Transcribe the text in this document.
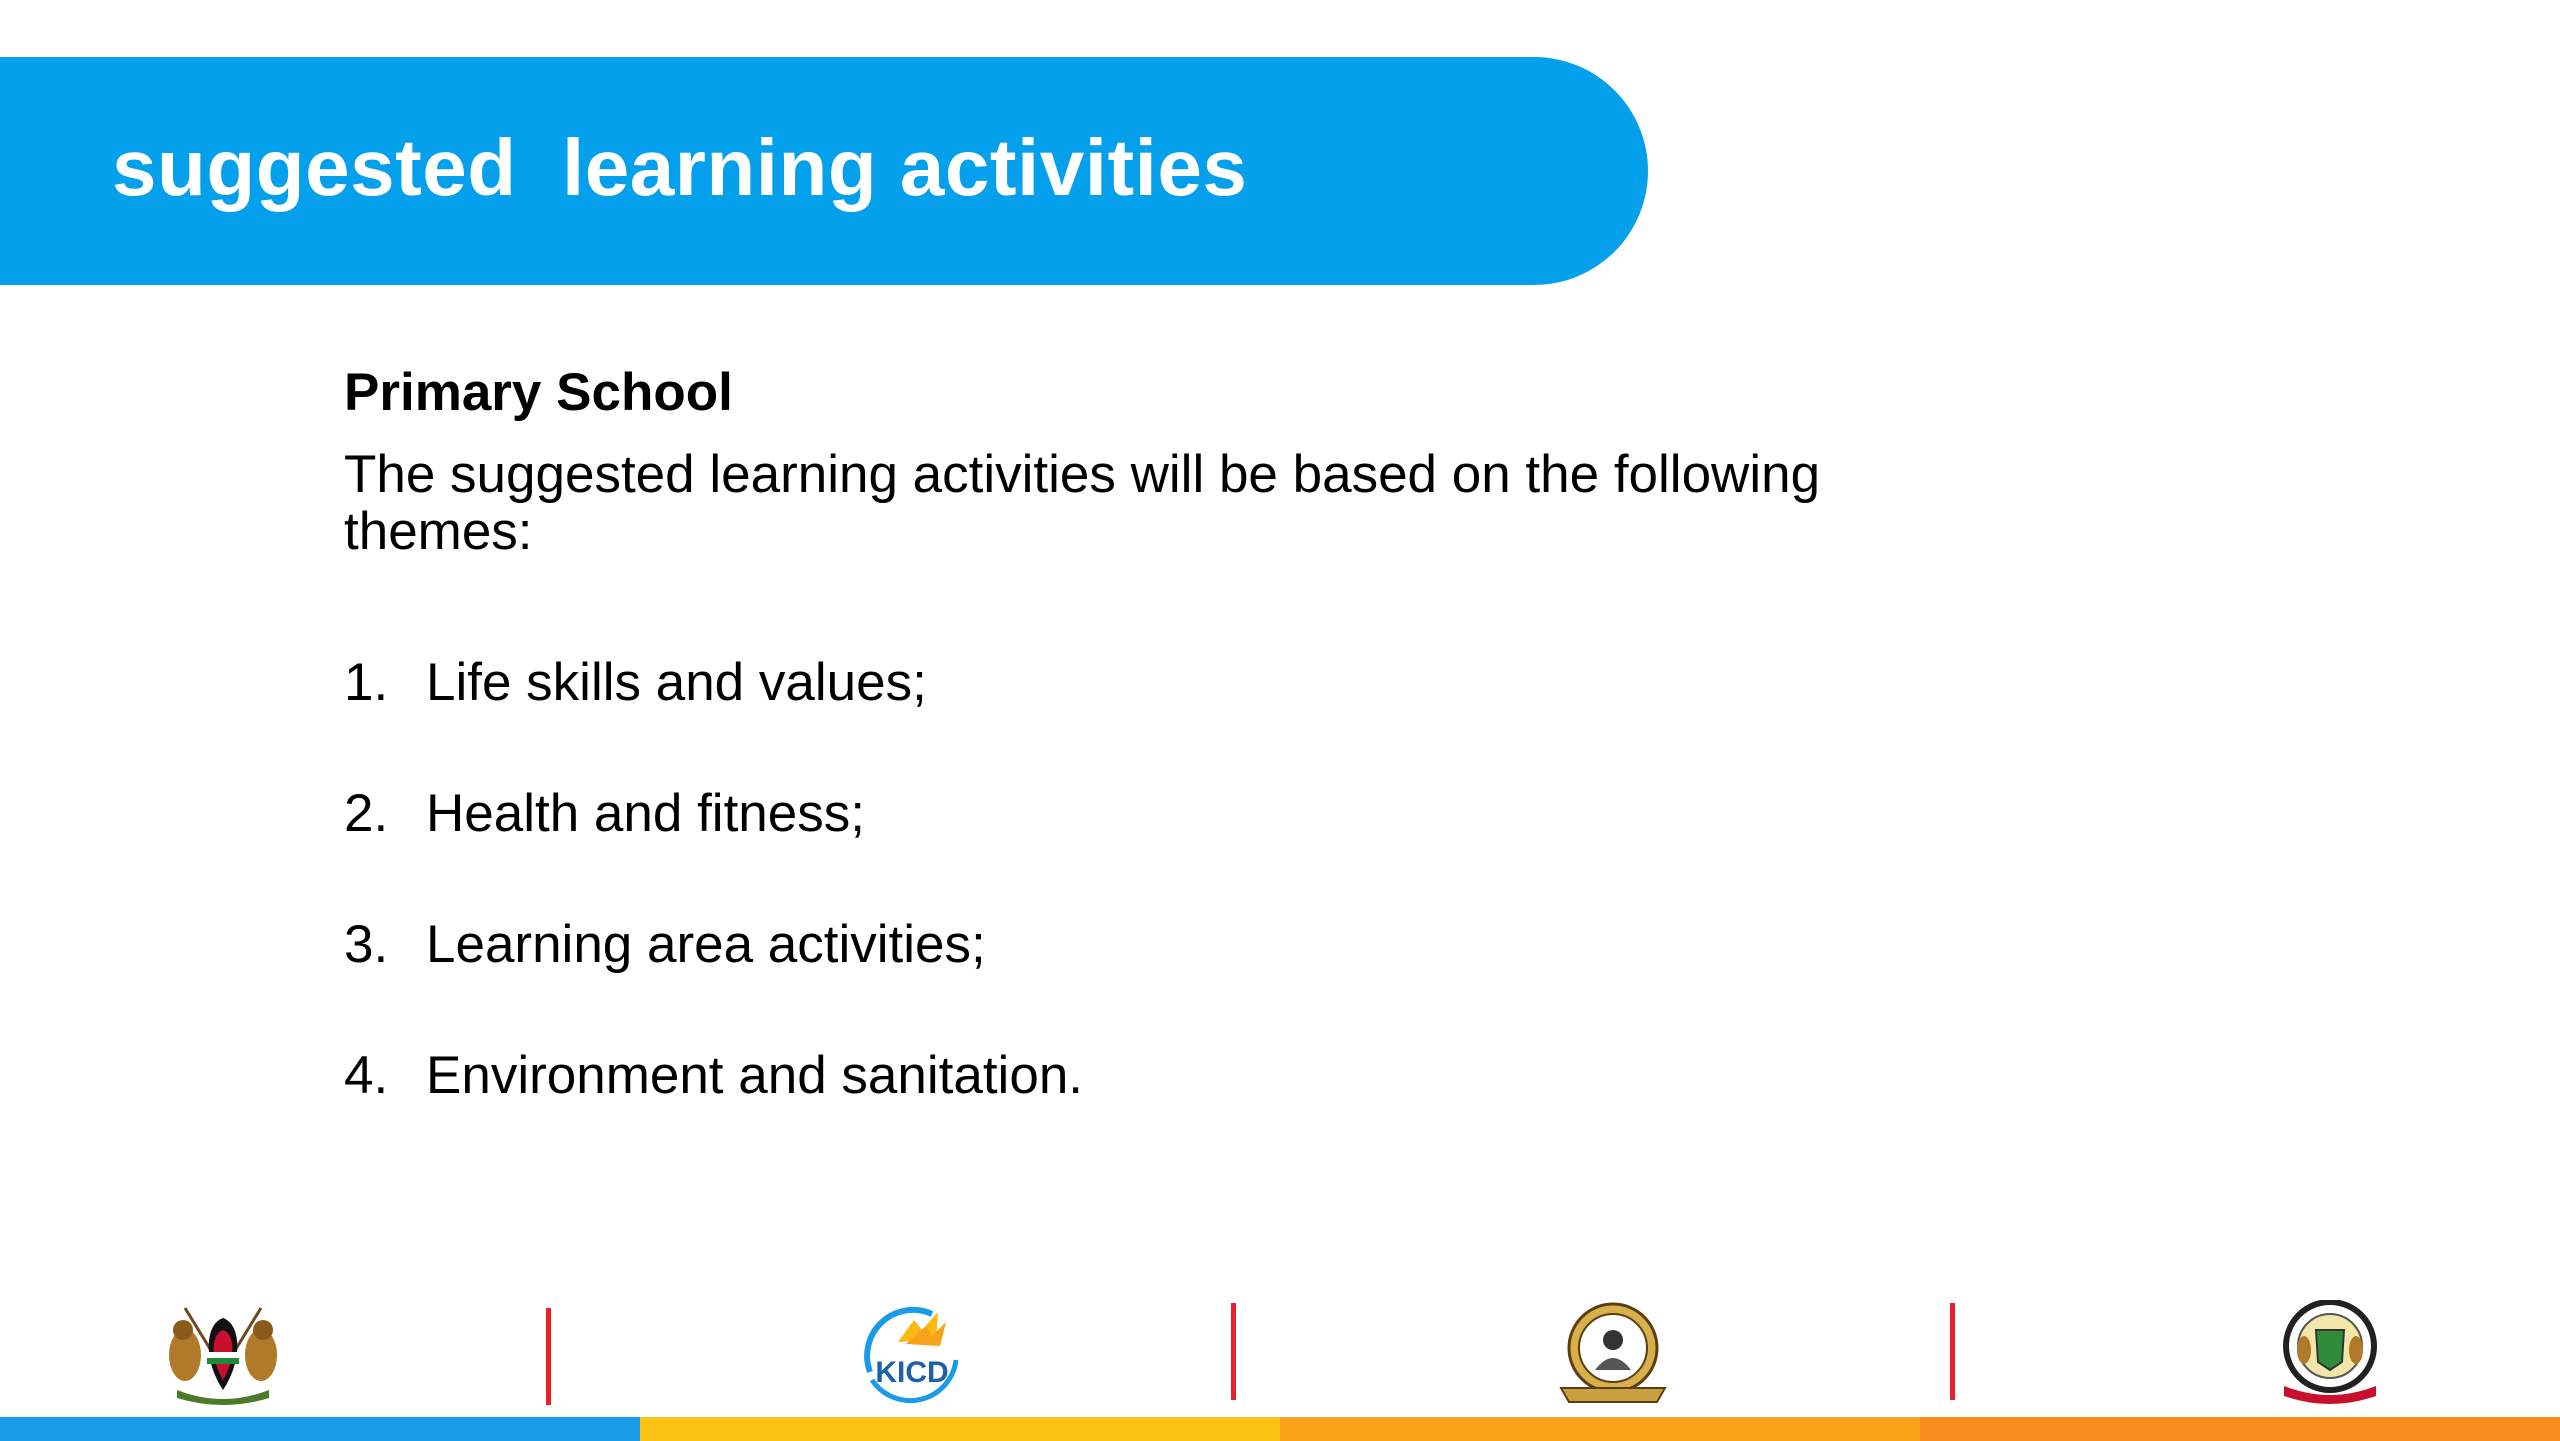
suggested  learning activities

Primary School

The suggested learning activities will be based on the following themes:

1. Life skills and values;
2. Health and fitness;
3. Learning area activities;
4. Environment and sanitation.
KICD
